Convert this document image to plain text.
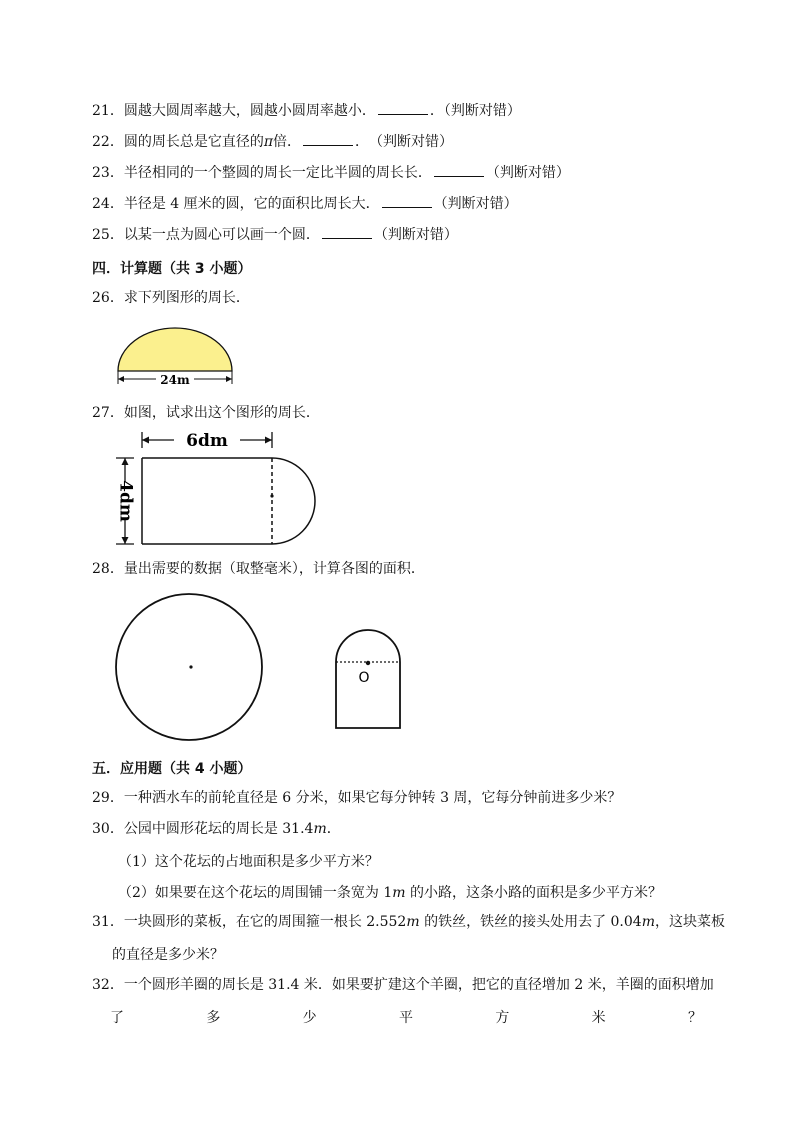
21．圆越大圆周率越大，圆越小圆周率越小．	．（判断对错）
22．圆的周长总是它直径的π倍．	．　（判断对错）
23．半径相同的一个整圆的周长一定比半圆的周长长．	（判断对错）
24．半径是 4 厘米的圆，它的面积比周长大．	（判断对错）
25．以某一点为圆心可以画一个圆．	（判断对错）
四．计算题（共 3 小题）
26．求下列图形的周长．
24m
27．如图，试求出这个图形的周长．
6dm
4dm
28．量出需要的数据（取整毫米），计算各图的面积．
O
五．应用题（共 4 小题）
29．一种洒水车的前轮直径是 6 分米，如果它每分钟转 3 周，它每分钟前进多少米？
30．公园中圆形花坛的周长是 31.4m．
（1）这个花坛的占地面积是多少平方米？
（2）如果要在这个花坛的周围铺一条宽为 1m 的小路，这条小路的面积是多少平方米？
31．一块圆形的菜板，在它的周围箍一根长 2.552m 的铁丝，铁丝的接头处用去了 0.04m，这块菜板
的直径是多少米？
32．一个圆形羊圈的周长是 31.4 米．如果要扩建这个羊圈，把它的直径增加 2 米，羊圈的面积增加
了	多	少	平	方	米	？
